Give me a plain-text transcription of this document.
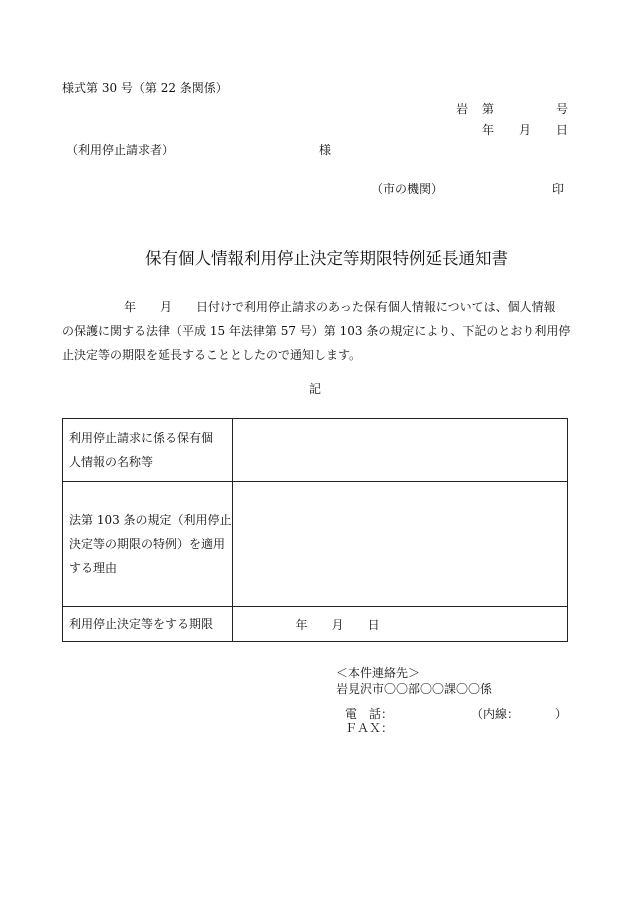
様式第 30 号（第 22 条関係）
岩 第	号
年 月 日
（利用停止請求者）	様
（市の機関）	印
保有個人情報利用停止決定等期限特例延長通知書
年 月 日付けで利用停止請求のあった保有個人情報については、個人情報
の保護に関する法律（平成 15 年法律第 57 号）第 103 条の規定により、下記のとおり利用停
止決定等の期限を延長することとしたので通知します。
記
利用停止請求に係る保有個
人情報の名称等	

法第 103 条の規定（利用停止
決定等の期限の特例）を適用
する理由	

利用停止決定等をする期限	年 月 日
＜本件連絡先＞
岩見沢市〇〇部〇〇課〇〇係
電　話：	（内線：	）
ＦＡＸ：
